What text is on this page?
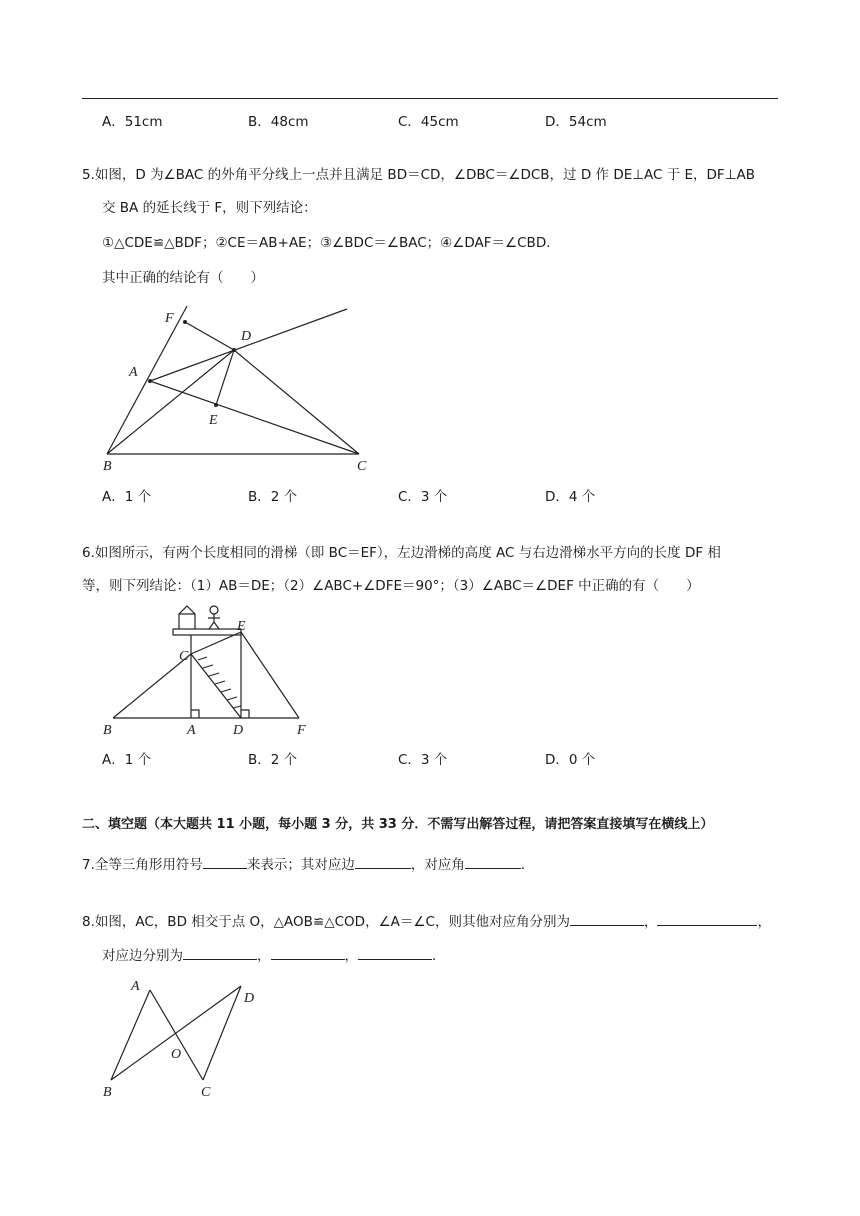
A．51cm	B．48cm	C．45cm	D．54cm
5.如图，D 为∠BAC 的外角平分线上一点并且满足 BD＝CD，∠DBC＝∠DCB，过 D 作 DE⊥AC 于 E，DF⊥AB
交 BA 的延长线于 F，则下列结论：
①△CDE≌△BDF；②CE＝AB+AE；③∠BDC＝∠BAC；④∠DAF＝∠CBD．
其中正确的结论有（　　）
F
D
A
E
B	C
A．1 个	B．2 个	C．3 个	D．4 个
6.如图所示，有两个长度相同的滑梯（即 BC＝EF），左边滑梯的高度 AC 与右边滑梯水平方向的长度 DF 相
等，则下列结论：（1）AB＝DE；（2）∠ABC+∠DFE＝90°；（3）∠ABC＝∠DEF 中正确的有（　　）
E
C
B	A	D	F
A．1 个	B．2 个	C．3 个	D．0 个
二、填空题（本大题共 11 小题，每小题 3 分，共 33 分．不需写出解答过程，请把答案直接填写在横线上）
7.全等三角形用符号	来表示；其对应边	，对应角	．
8.如图，AC，BD 相交于点 O，△AOB≌△COD，∠A＝∠C，则其他对应角分别为	，	，
对应边分别为	，	，	．
A
D
O
B	C
